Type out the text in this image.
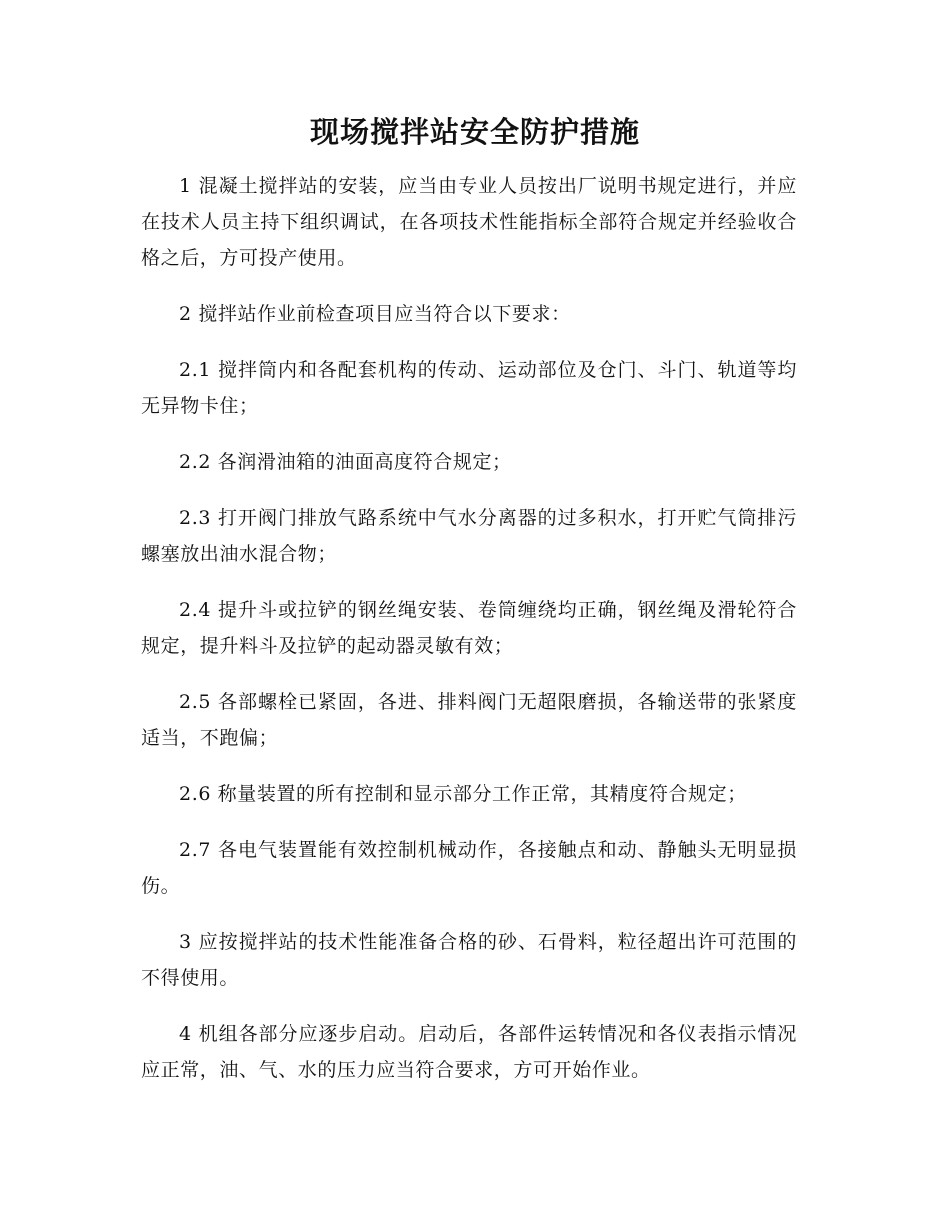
现场搅拌站安全防护措施

1 混凝土搅拌站的安装，应当由专业人员按出厂说明书规定进行，并应在技术人员主持下组织调试，在各项技术性能指标全部符合规定并经验收合格之后，方可投产使用。

2 搅拌站作业前检查项目应当符合以下要求：

2.1 搅拌筒内和各配套机构的传动、运动部位及仓门、斗门、轨道等均无异物卡住；

2.2 各润滑油箱的油面高度符合规定；

2.3 打开阀门排放气路系统中气水分离器的过多积水，打开贮气筒排污螺塞放出油水混合物；

2.4 提升斗或拉铲的钢丝绳安装、卷筒缠绕均正确，钢丝绳及滑轮符合规定，提升料斗及拉铲的起动器灵敏有效；

2.5 各部螺栓已紧固，各进、排料阀门无超限磨损，各输送带的张紧度适当，不跑偏；

2.6 称量装置的所有控制和显示部分工作正常，其精度符合规定；

2.7 各电气装置能有效控制机械动作，各接触点和动、静触头无明显损伤。

3 应按搅拌站的技术性能准备合格的砂、石骨料，粒径超出许可范围的不得使用。

4 机组各部分应逐步启动。启动后，各部件运转情况和各仪表指示情况应正常，油、气、水的压力应当符合要求，方可开始作业。
